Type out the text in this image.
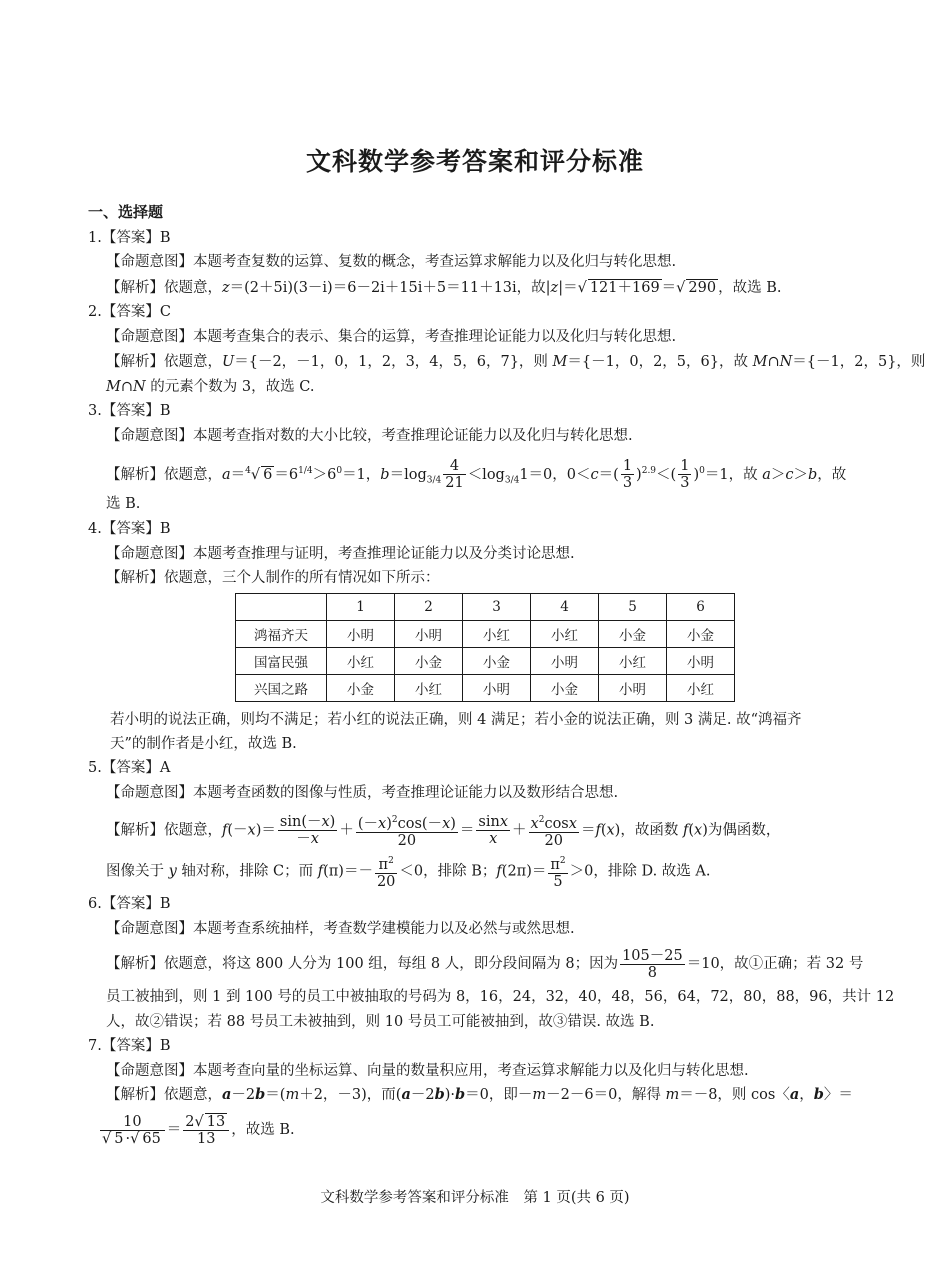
文科数学参考答案和评分标准
一、选择题
1.【答案】B
【命题意图】本题考查复数的运算、复数的概念，考查运算求解能力以及化归与转化思想.
【解析】依题意，z＝(2＋5i)(3－i)＝6－2i＋15i＋5＝11＋13i，故|z|＝√ 121＋169 ＝√ 290 ，故选 B.
2.【答案】C
【命题意图】本题考查集合的表示、集合的运算，考查推理论证能力以及化归与转化思想.
【解析】依题意，U＝{－2，－1，0，1，2，3，4，5，6，7}，则 M＝{－1，0，2，5，6}，故 M∩N＝{－1，2，5}，则
M∩N 的元素个数为 3，故选 C.
3.【答案】B
【命题意图】本题考查指对数的大小比较，考查推理论证能力以及化归与转化思想.
【解析】依题意，a＝$^4$√ $6 =6^{1/4}>6^0=1$，$b=\log_{3/4} \frac{4}{21} <\log_{3/4}1=0$，$0<c=( \frac{1}{3} )^{2.9}<( \frac{1}{3} )^0=1$，故 a＞c＞b，故
选 B.
4.【答案】B
【命题意图】本题考查推理与证明，考查推理论证能力以及分类讨论思想.
【解析】依题意，三个人制作的所有情况如下所示：
	1	2	3	4	5	6
鸿福齐天	小明	小明	小红	小红	小金	小金
国富民强	小红	小金	小金	小明	小红	小明
兴国之路	小金	小红	小明	小金	小明	小红
若小明的说法正确，则均不满足；若小红的说法正确，则 4 满足；若小金的说法正确，则 3 满足. 故“鸿福齐
天”的制作者是小红，故选 B.
5.【答案】A
【命题意图】本题考查函数的图像与性质，考查推理论证能力以及数形结合思想.
【解析】依题意，$f(-x)= \frac{\sin(-x)}{-x} + \frac{(-x)^2\cos(-x)}{20} = \frac{\sin x}{x} + \frac{x^2\cos x}{20} =f(x)$，故函数 f(x)为偶函数，
图像关于 y 轴对称，排除 C；而 $f(\pi)=- \frac{\pi^2}{20} <0$，排除 B；$f(2\pi)= \frac{\pi^2}{5} >0$，排除 D. 故选 A.
6.【答案】B
【命题意图】本题考查系统抽样，考查数学建模能力以及必然与或然思想.
【解析】依题意，将这 800 人分为 100 组，每组 8 人，即分段间隔为 8；因为 $\frac{105-25}{8} =10$，故①正确；若 32 号
员工被抽到，则 1 到 100 号的员工中被抽取的号码为 8，16，24，32，40，48，56，64，72，80，88，96，共计 12
人，故②错误；若 88 号员工未被抽到，则 10 号员工可能被抽到，故③错误. 故选 B.
7.【答案】B
【命题意图】本题考查向量的坐标运算、向量的数量积应用，考查运算求解能力以及化归与转化思想.
【解析】依题意，a－2b＝(m＋2，－3)，而(a－2b)·b＝0，即－m－2－6＝0，解得 m＝－8，则 cos〈a，b〉＝
$\frac{10}{√ 5 \cdot√ 65} = \frac{2√ 13}{13}$ ，故选 B.
文科数学参考答案和评分标准　第 1 页(共 6 页)
